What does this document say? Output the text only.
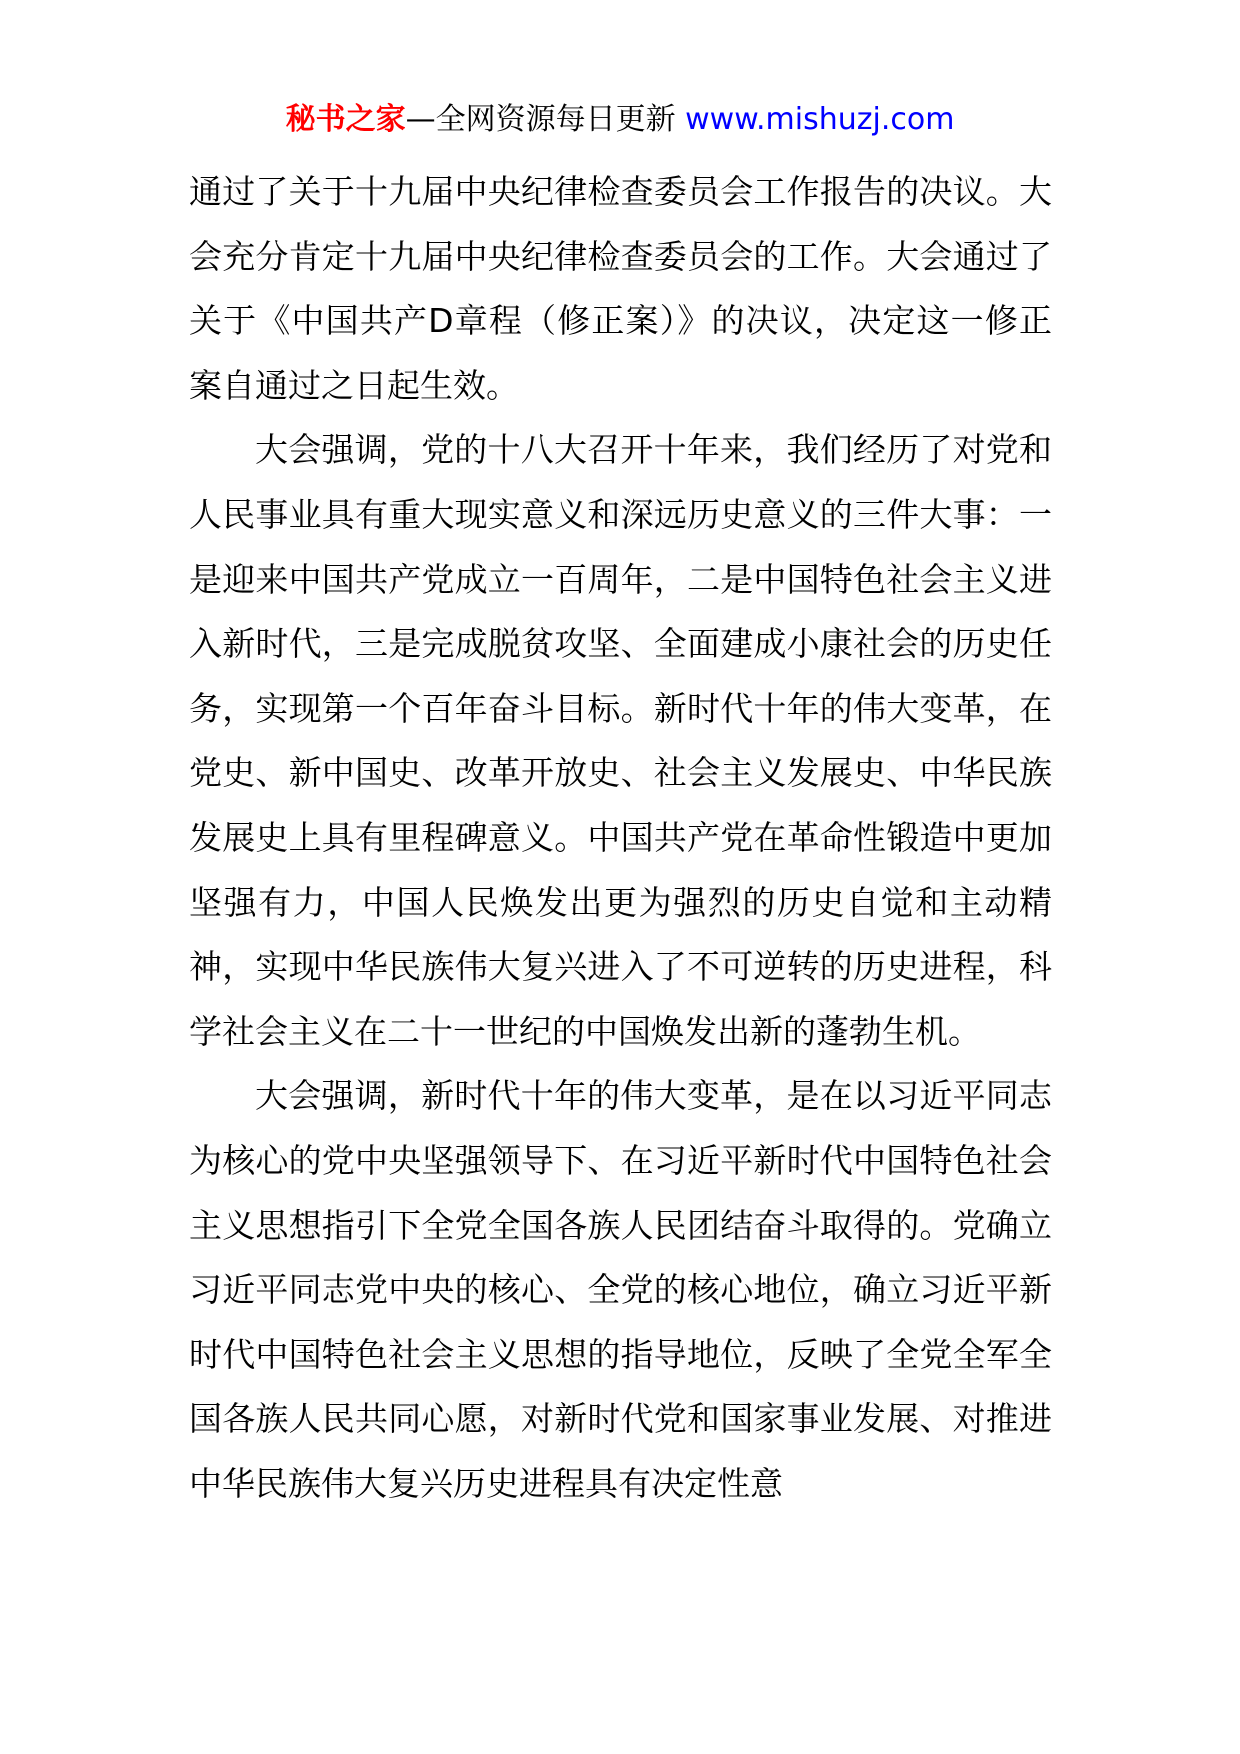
秘书之家—全网资源每日更新 www.mishuzj.com

通过了关于十九届中央纪律检查委员会工作报告的决议。大会充分肯定十九届中央纪律检查委员会的工作。大会通过了关于《中国共产D章程（修正案）》的决议，决定这一修正案自通过之日起生效。

大会强调，党的十八大召开十年来，我们经历了对党和人民事业具有重大现实意义和深远历史意义的三件大事：一是迎来中国共产党成立一百周年，二是中国特色社会主义进入新时代，三是完成脱贫攻坚、全面建成小康社会的历史任务，实现第一个百年奋斗目标。新时代十年的伟大变革，在党史、新中国史、改革开放史、社会主义发展史、中华民族发展史上具有里程碑意义。中国共产党在革命性锻造中更加坚强有力，中国人民焕发出更为强烈的历史自觉和主动精神，实现中华民族伟大复兴进入了不可逆转的历史进程，科学社会主义在二十一世纪的中国焕发出新的蓬勃生机。

大会强调，新时代十年的伟大变革，是在以习近平同志为核心的党中央坚强领导下、在习近平新时代中国特色社会主义思想指引下全党全国各族人民团结奋斗取得的。党确立习近平同志党中央的核心、全党的核心地位，确立习近平新时代中国特色社会主义思想的指导地位，反映了全党全军全国各族人民共同心愿，对新时代党和国家事业发展、对推进中华民族伟大复兴历史进程具有决定性意
